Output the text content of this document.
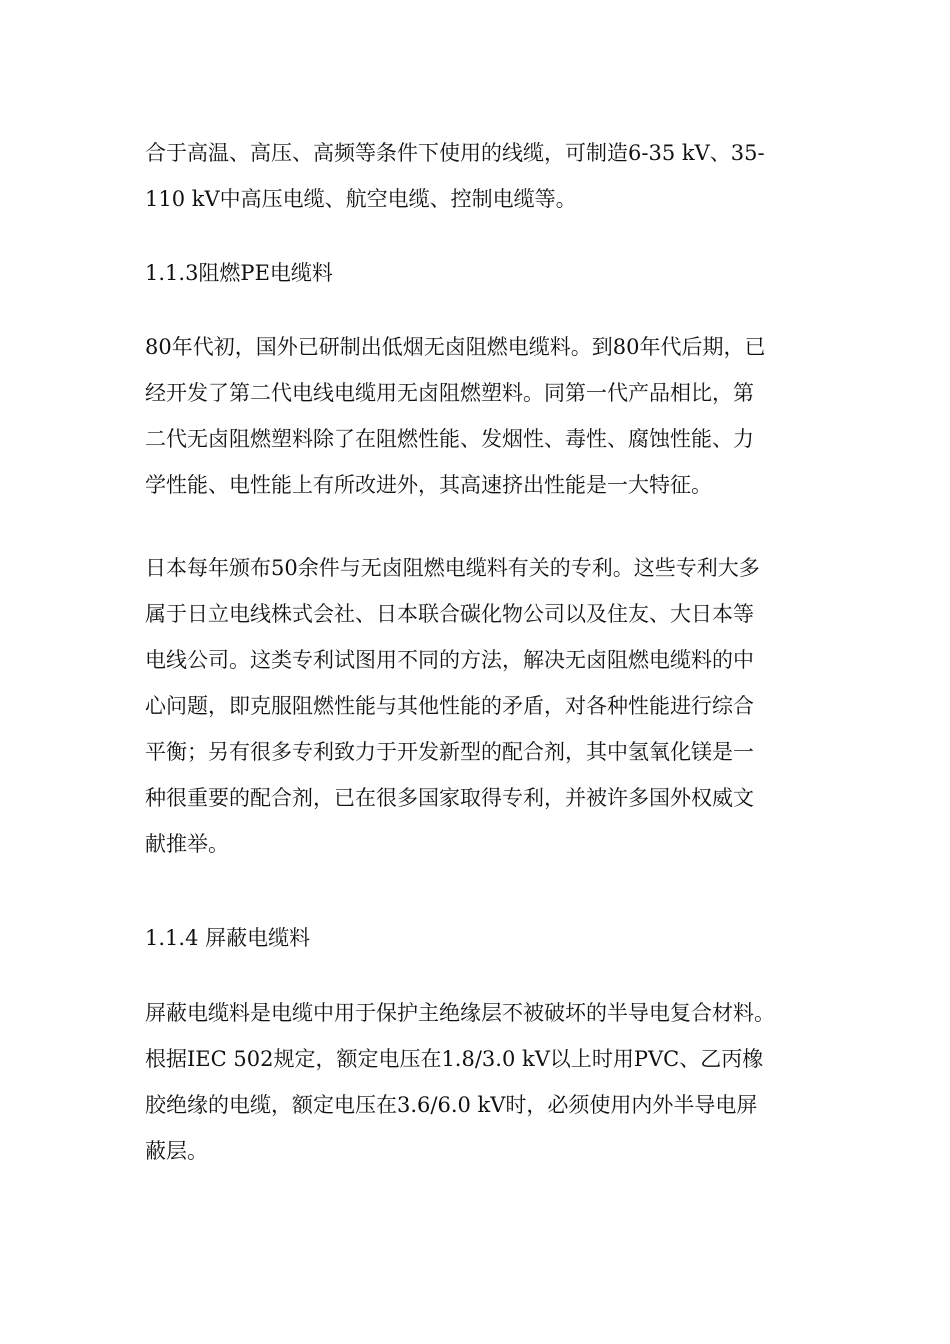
合于高温、高压、高频等条件下使用的线缆，可制造6-35 kV、35-
110 kV中高压电缆、航空电缆、控制电缆等。
1.1.3阻燃PE电缆料
80年代初，国外已研制出低烟无卤阻燃电缆料。到80年代后期，已
经开发了第二代电线电缆用无卤阻燃塑料。同第一代产品相比，第
二代无卤阻燃塑料除了在阻燃性能、发烟性、毒性、腐蚀性能、力
学性能、电性能上有所改进外，其高速挤出性能是一大特征。
日本每年颁布50余件与无卤阻燃电缆料有关的专利。这些专利大多
属于日立电线株式会社、日本联合碳化物公司以及住友、大日本等
电线公司。这类专利试图用不同的方法，解决无卤阻燃电缆料的中
心问题，即克服阻燃性能与其他性能的矛盾，对各种性能进行综合
平衡；另有很多专利致力于开发新型的配合剂，其中氢氧化镁是一
种很重要的配合剂，已在很多国家取得专利，并被许多国外权威文
献推举。
1.1.4 屏蔽电缆料
屏蔽电缆料是电缆中用于保护主绝缘层不被破坏的半导电复合材料。
根据IEC 502规定，额定电压在1.8/3.0 kV以上时用PVC、乙丙橡
胶绝缘的电缆，额定电压在3.6/6.0 kV时，必须使用内外半导电屏
蔽层。
